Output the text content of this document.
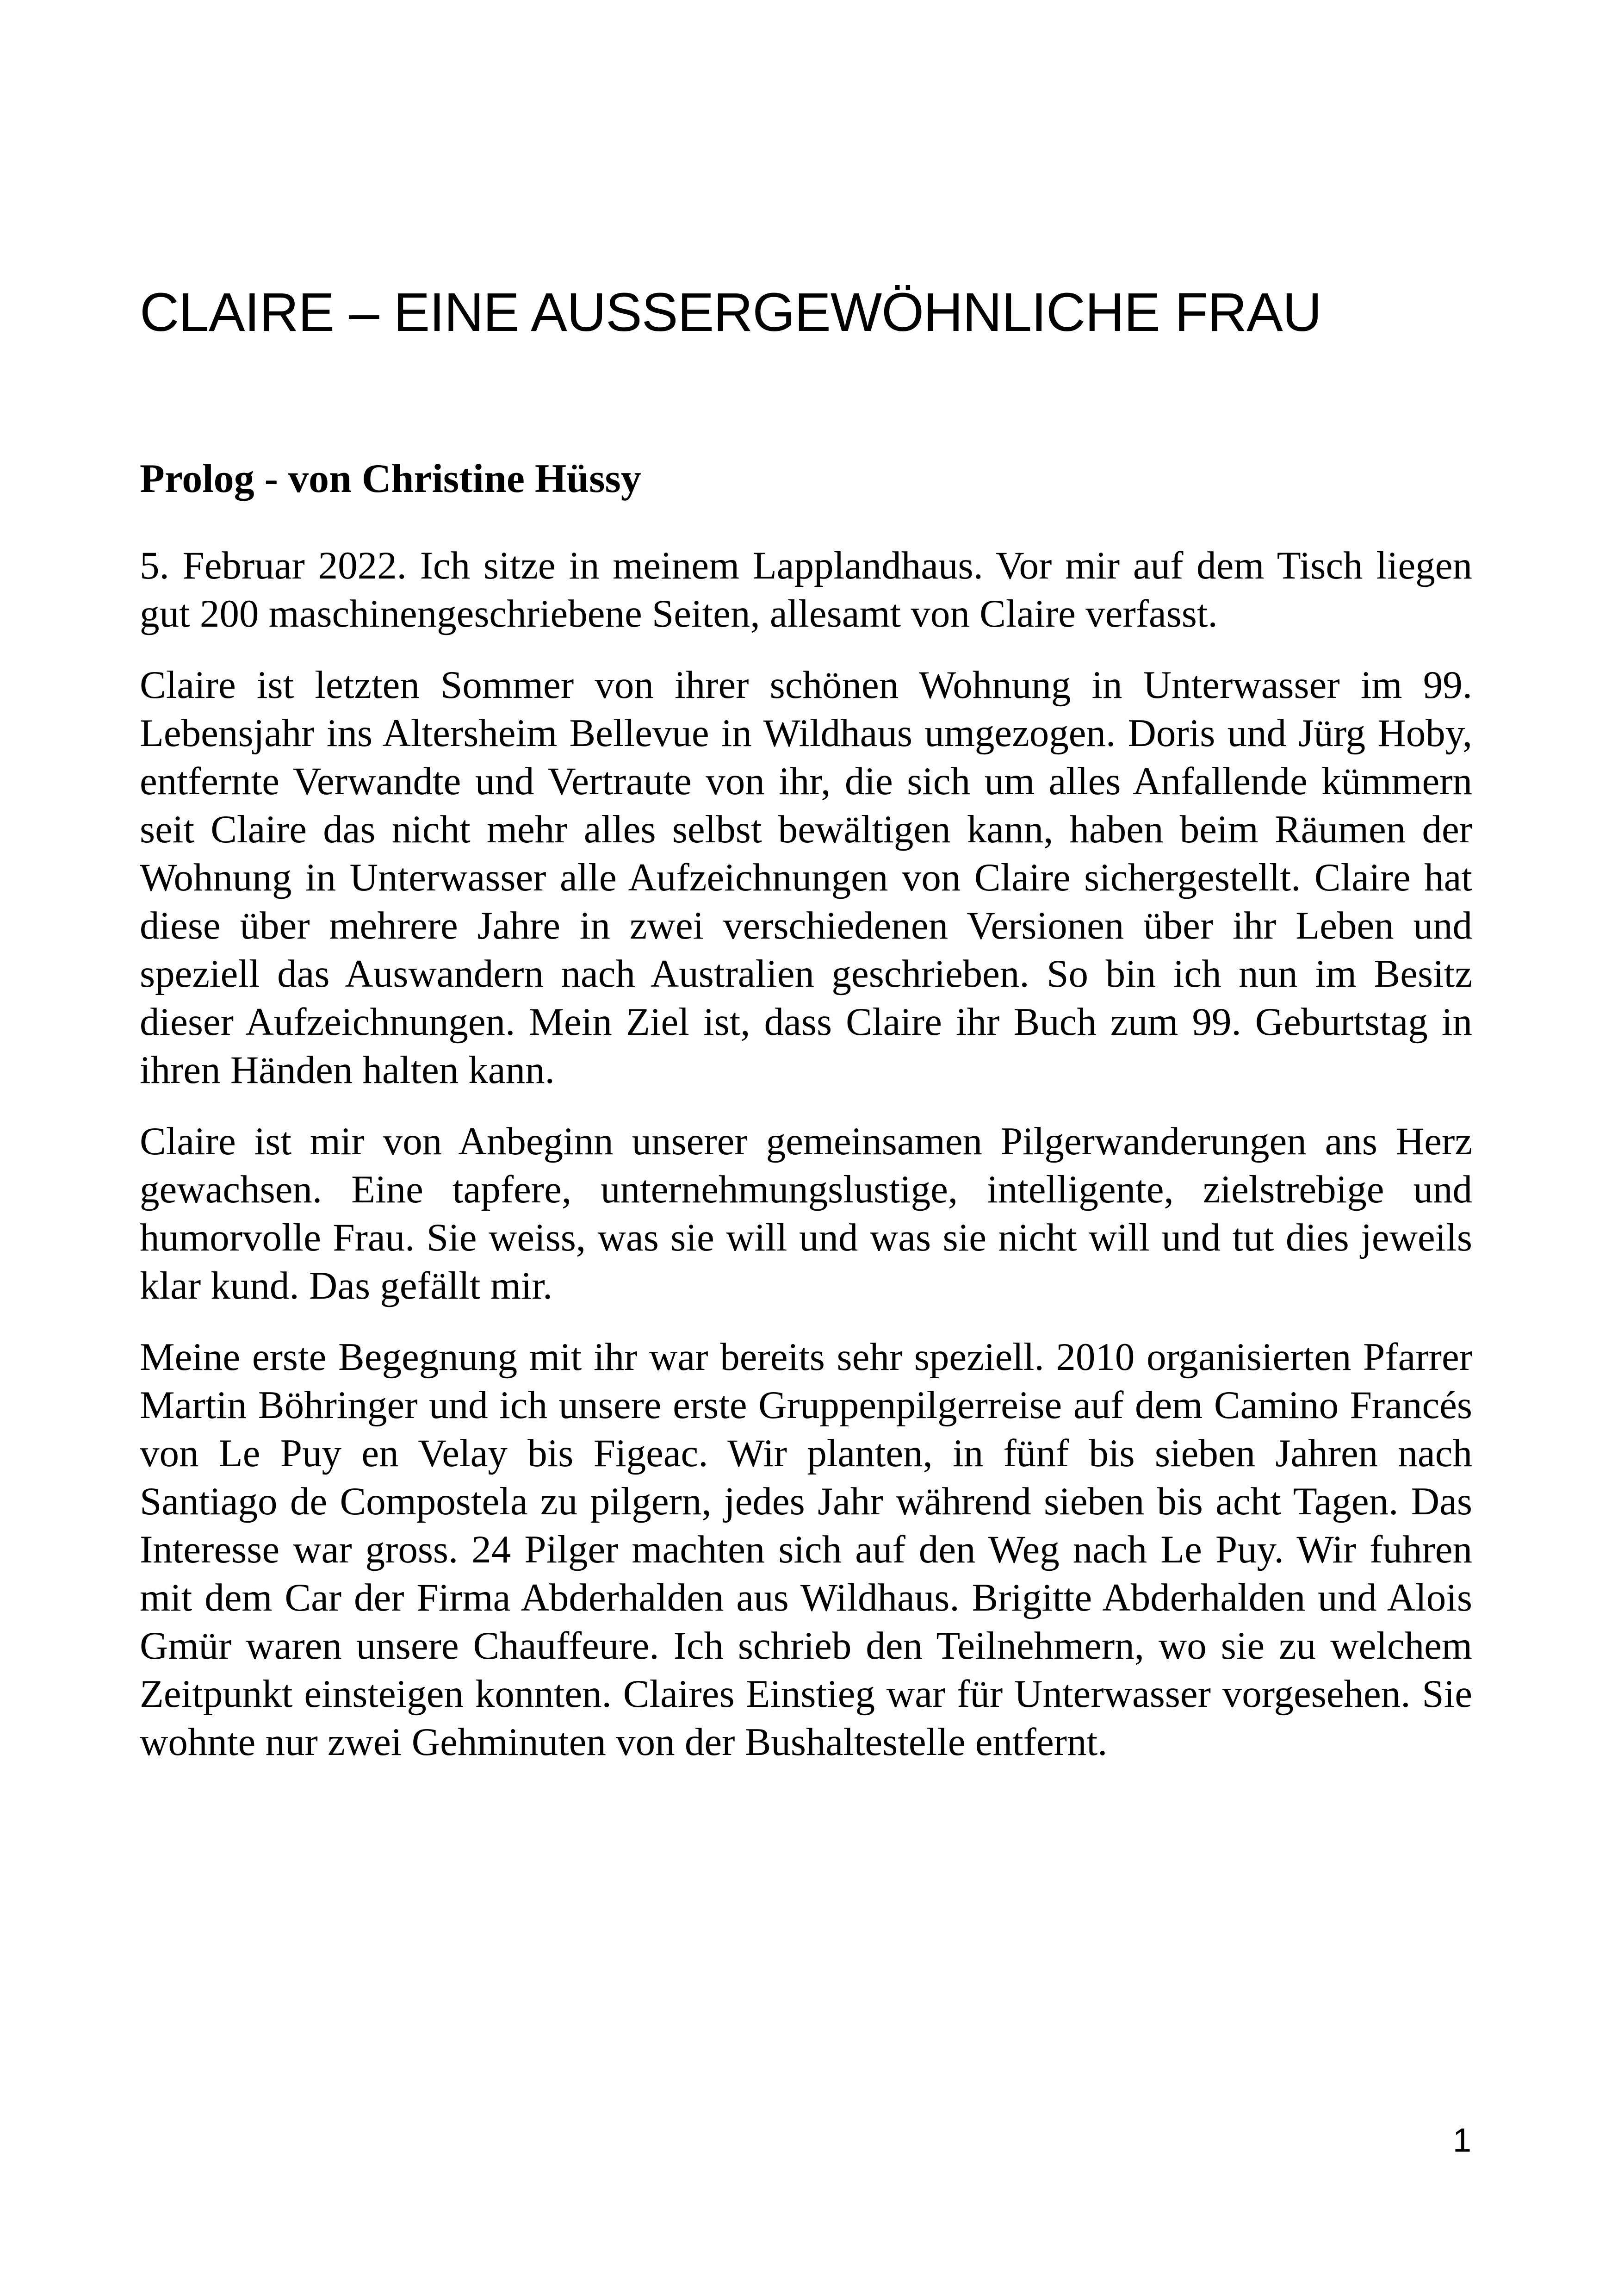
CLAIRE – EINE AUSSERGEWÖHNLICHE FRAU
Prolog - von Christine Hüssy

5. Februar 2022. Ich sitze in meinem Lapplandhaus. Vor mir auf dem Tisch liegen gut 200 maschinengeschriebene Seiten, allesamt von Claire verfasst.

Claire ist letzten Sommer von ihrer schönen Wohnung in Unterwasser im 99. Lebensjahr ins Altersheim Bellevue in Wildhaus umgezogen. Doris und Jürg Hoby, entfernte Verwandte und Vertraute von ihr, die sich um alles Anfallende kümmern seit Claire das nicht mehr alles selbst bewältigen kann, haben beim Räumen der Wohnung in Unterwasser alle Aufzeichnungen von Claire sichergestellt. Claire hat diese über mehrere Jahre in zwei verschiedenen Versionen über ihr Leben und speziell das Auswandern nach Australien geschrieben. So bin ich nun im Besitz dieser Aufzeichnungen. Mein Ziel ist, dass Claire ihr Buch zum 99. Geburtstag in ihren Händen halten kann.

Claire ist mir von Anbeginn unserer gemeinsamen Pilgerwanderungen ans Herz gewachsen. Eine tapfere, unternehmungslustige, intelligente, zielstrebige und humorvolle Frau. Sie weiss, was sie will und was sie nicht will und tut dies jeweils klar kund. Das gefällt mir.

Meine erste Begegnung mit ihr war bereits sehr speziell. 2010 organisierten Pfarrer Martin Böhringer und ich unsere erste Gruppenpilgerreise auf dem Camino Francés von Le Puy en Velay bis Figeac. Wir planten, in fünf bis sieben Jahren nach Santiago de Compostela zu pilgern, jedes Jahr während sieben bis acht Tagen. Das Interesse war gross. 24 Pilger machten sich auf den Weg nach Le Puy. Wir fuhren mit dem Car der Firma Abderhalden aus Wildhaus. Brigitte Abderhalden und Alois Gmür waren unsere Chauffeure. Ich schrieb den Teilnehmern, wo sie zu welchem Zeitpunkt einsteigen konnten. Claires Einstieg war für Unterwasser vorgesehen. Sie wohnte nur zwei Gehminuten von der Bushaltestelle entfernt.

1
